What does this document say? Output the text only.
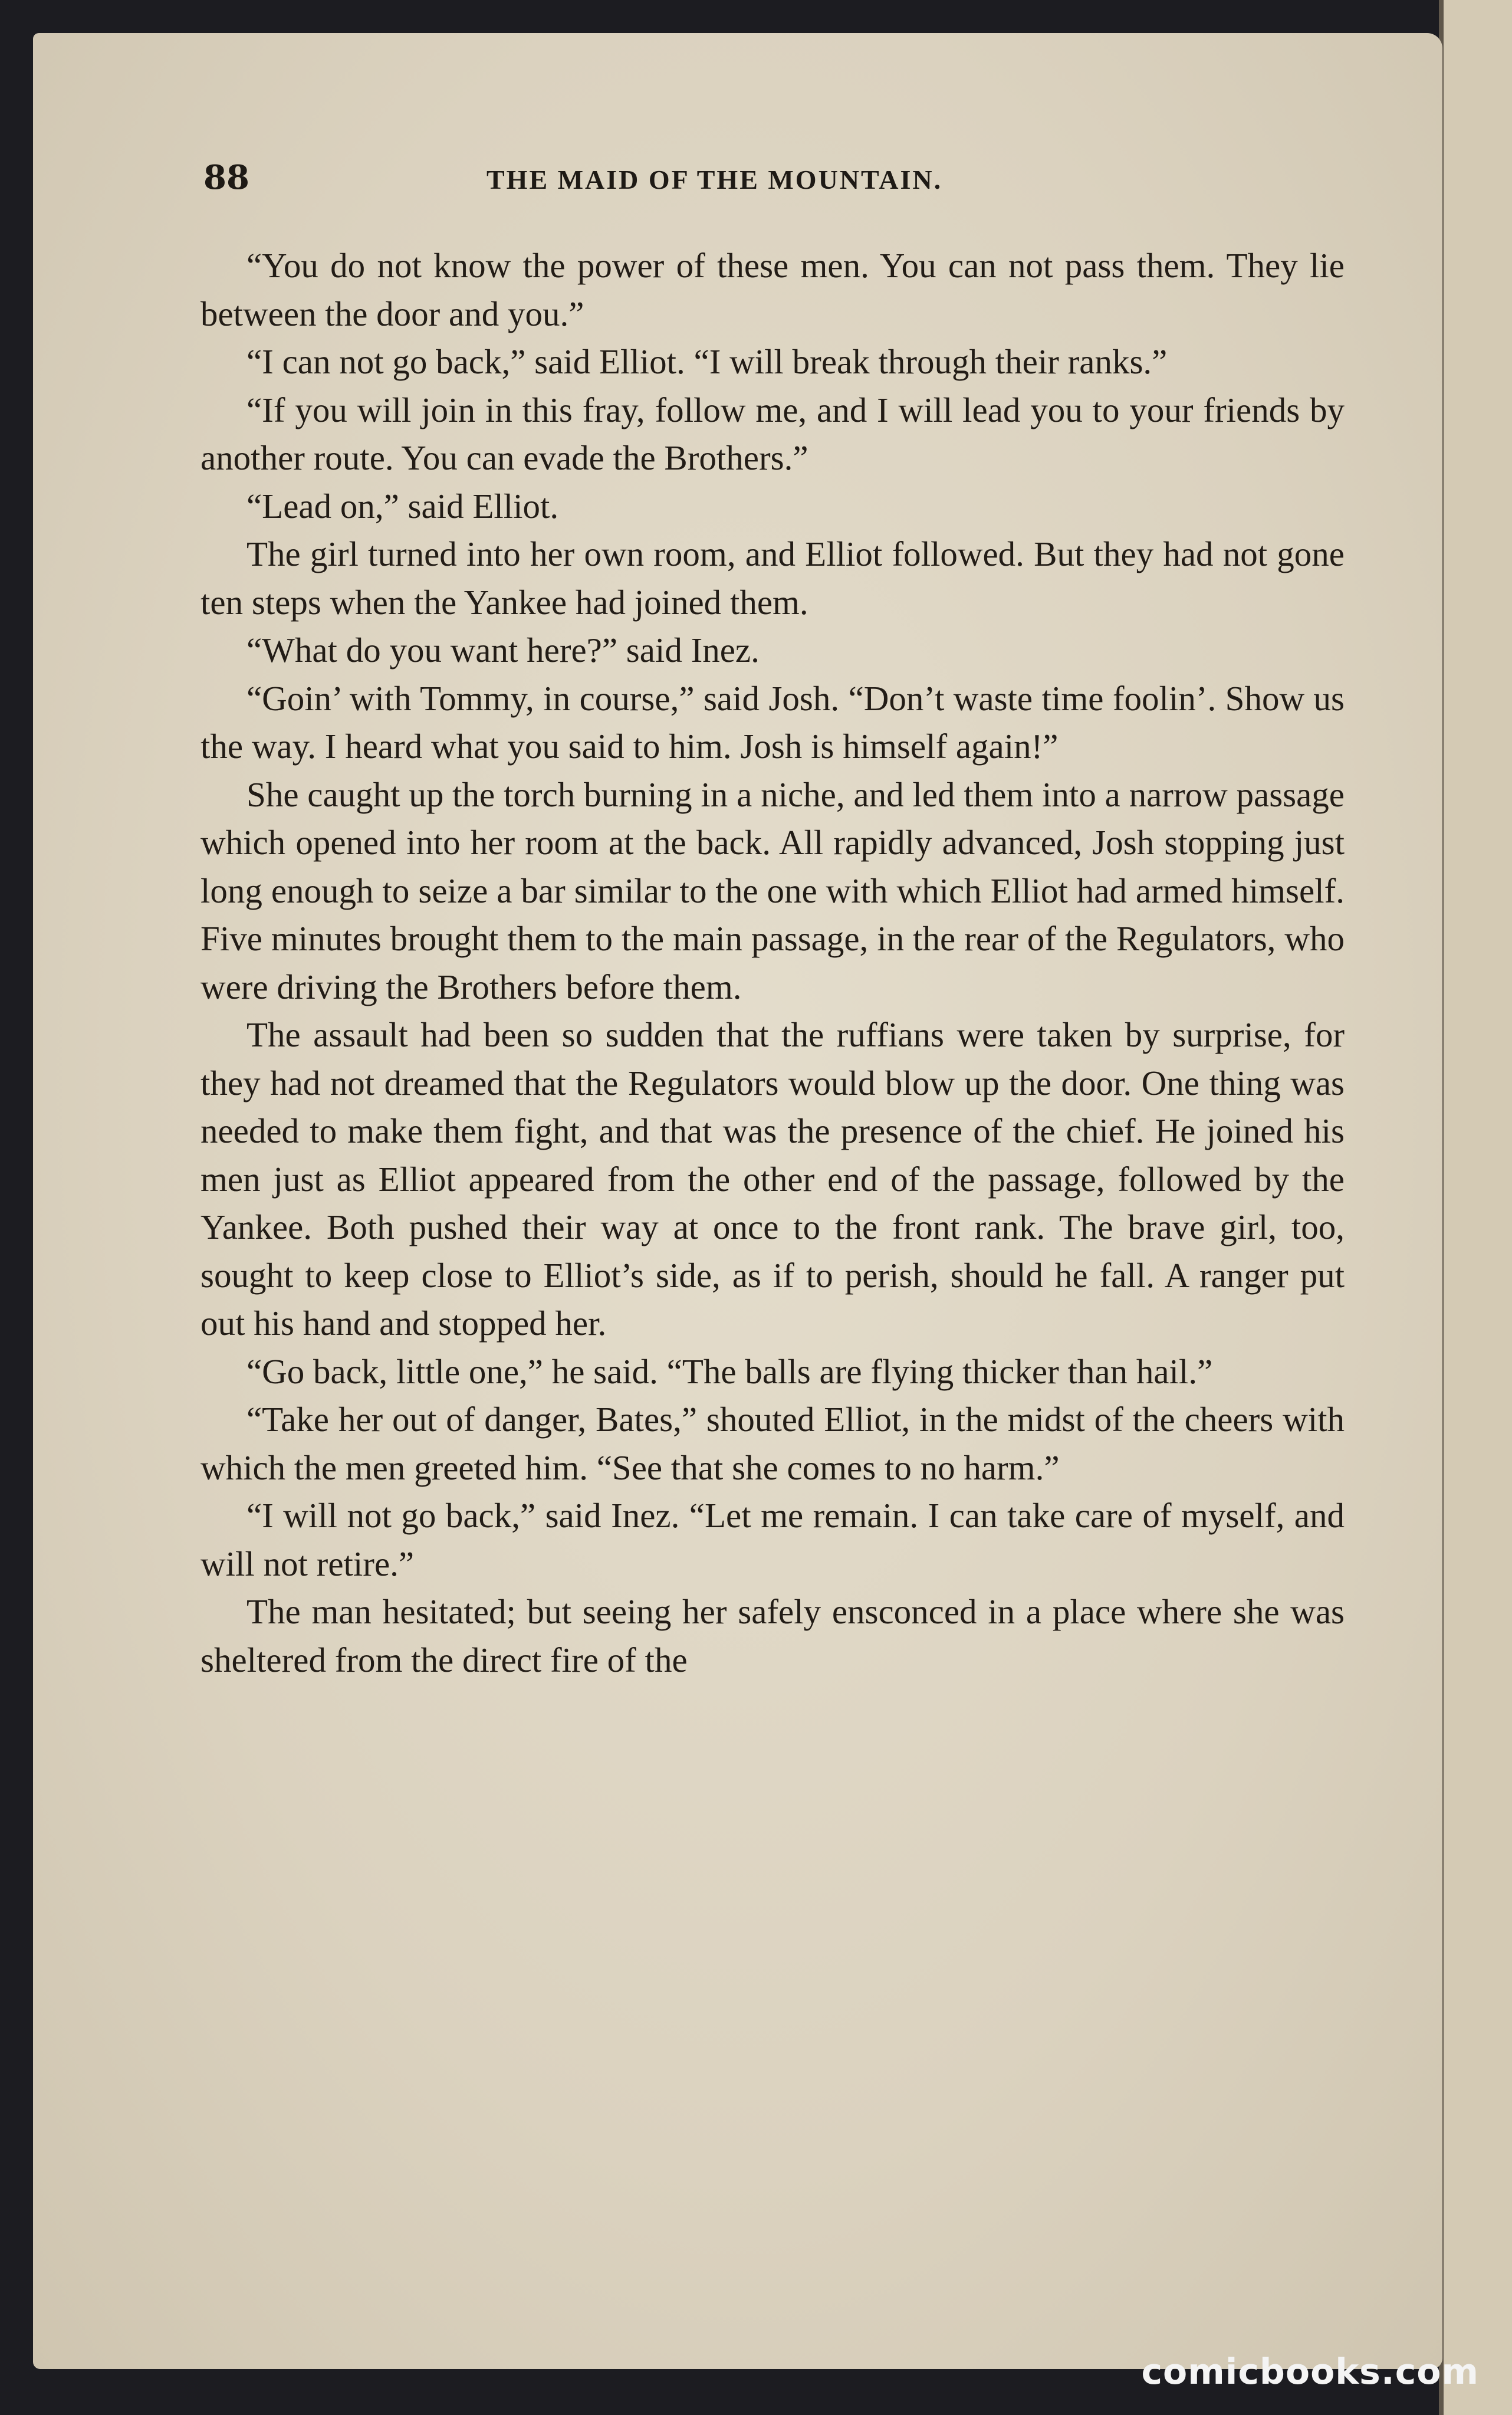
88	THE MAID OF THE MOUNTAIN.

“You do not know the power of these men. You can not pass them. They lie between the door and you.”

“I can not go back,” said Elliot. “I will break through their ranks.”

“If you will join in this fray, follow me, and I will lead you to your friends by another route. You can evade the Brothers.”

“Lead on,” said Elliot.

The girl turned into her own room, and Elliot followed. But they had not gone ten steps when the Yankee had joined them.

“What do you want here?” said Inez.

“Goin’ with Tommy, in course,” said Josh. “Don’t waste time foolin’. Show us the way. I heard what you said to him. Josh is himself again!”

She caught up the torch burning in a niche, and led them into a narrow passage which opened into her room at the back. All rapidly advanced, Josh stopping just long enough to seize a bar similar to the one with which Elliot had armed himself. Five minutes brought them to the main passage, in the rear of the Regulators, who were driving the Brothers before them.

The assault had been so sudden that the ruffians were taken by surprise, for they had not dreamed that the Regulators would blow up the door. One thing was needed to make them fight, and that was the presence of the chief. He joined his men just as Elliot appeared from the other end of the passage, followed by the Yankee. Both pushed their way at once to the front rank. The brave girl, too, sought to keep close to Elliot’s side, as if to perish, should he fall. A ranger put out his hand and stopped her.

“Go back, little one,” he said. “The balls are flying thicker than hail.”

“Take her out of danger, Bates,” shouted Elliot, in the midst of the cheers with which the men greeted him. “See that she comes to no harm.”

“I will not go back,” said Inez. “Let me remain. I can take care of myself, and will not retire.”

The man hesitated; but seeing her safely ensconced in a place where she was sheltered from the direct fire of the

comicbooks.com
